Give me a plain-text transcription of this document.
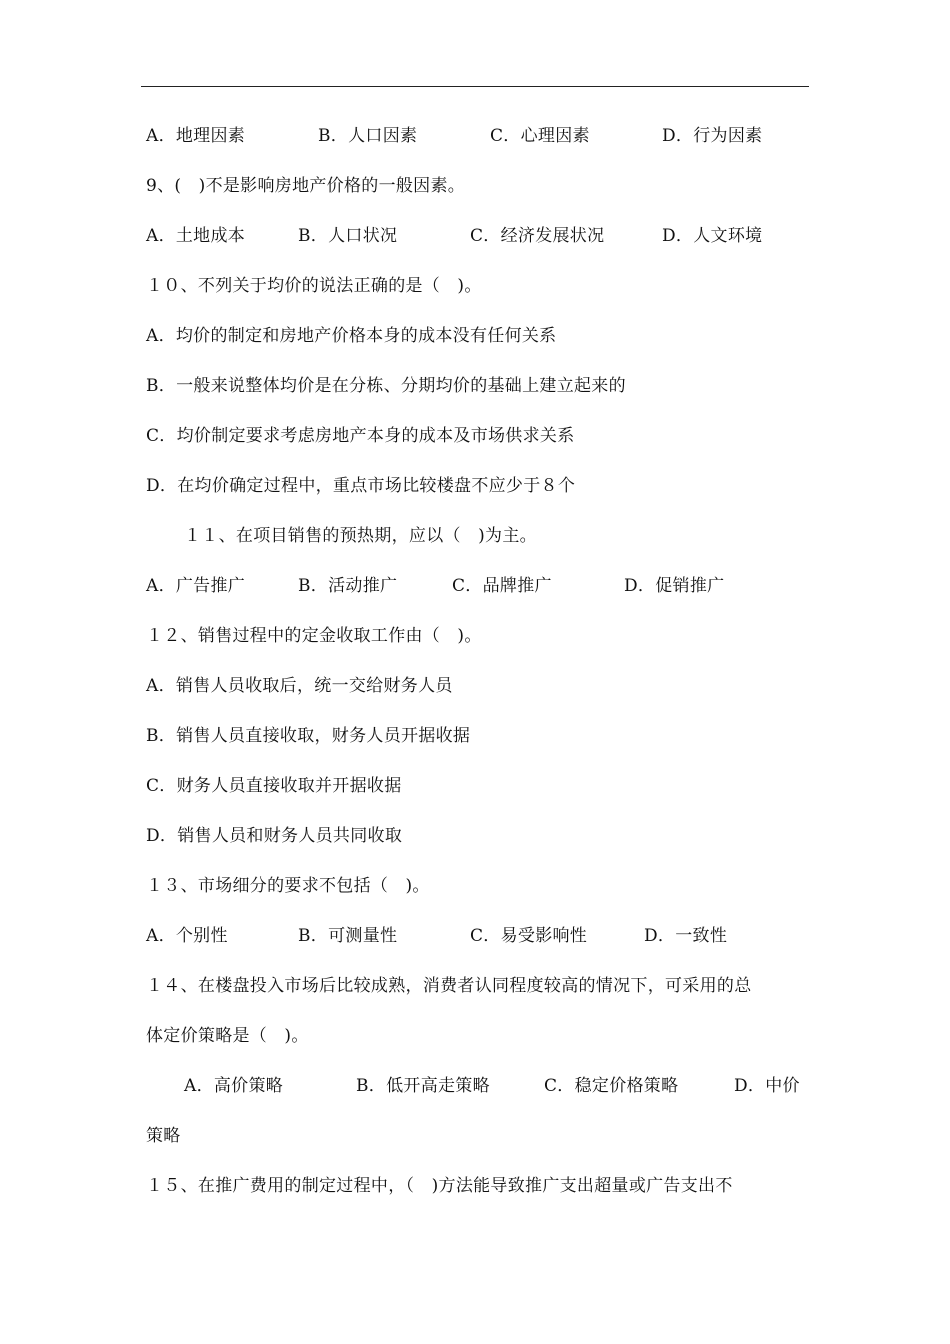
A．地理因素	B．人口因素	C．心理因素	D．行为因素
9、(　)不是影响房地产价格的一般因素。
A．土地成本	B．人口状况	C．经济发展状况	D．人文环境
１０、不列关于均价的说法正确的是（　)。
A．均价的制定和房地产价格本身的成本没有任何关系
B．一般来说整体均价是在分栋、分期均价的基础上建立起来的
C．均价制定要求考虑房地产本身的成本及市场供求关系
D．在均价确定过程中，重点市场比较楼盘不应少于８个
１１、在项目销售的预热期，应以（　)为主。
A．广告推广	B．活动推广	C．品牌推广	D．促销推广
１２、销售过程中的定金收取工作由（　)。
A．销售人员收取后，统一交给财务人员
B．销售人员直接收取，财务人员开据收据
C．财务人员直接收取并开据收据
D．销售人员和财务人员共同收取
１３、市场细分的要求不包括（　)。
A．个别性	B．可测量性	C．易受影响性	D．一致性
１４、在楼盘投入市场后比较成熟，消费者认同程度较高的情况下，可采用的总
体定价策略是（　)。
A．高价策略	B．低开高走策略	C．稳定价格策略	D．中价
策略
１５、在推广费用的制定过程中，（　)方法能导致推广支出超量或广告支出不
